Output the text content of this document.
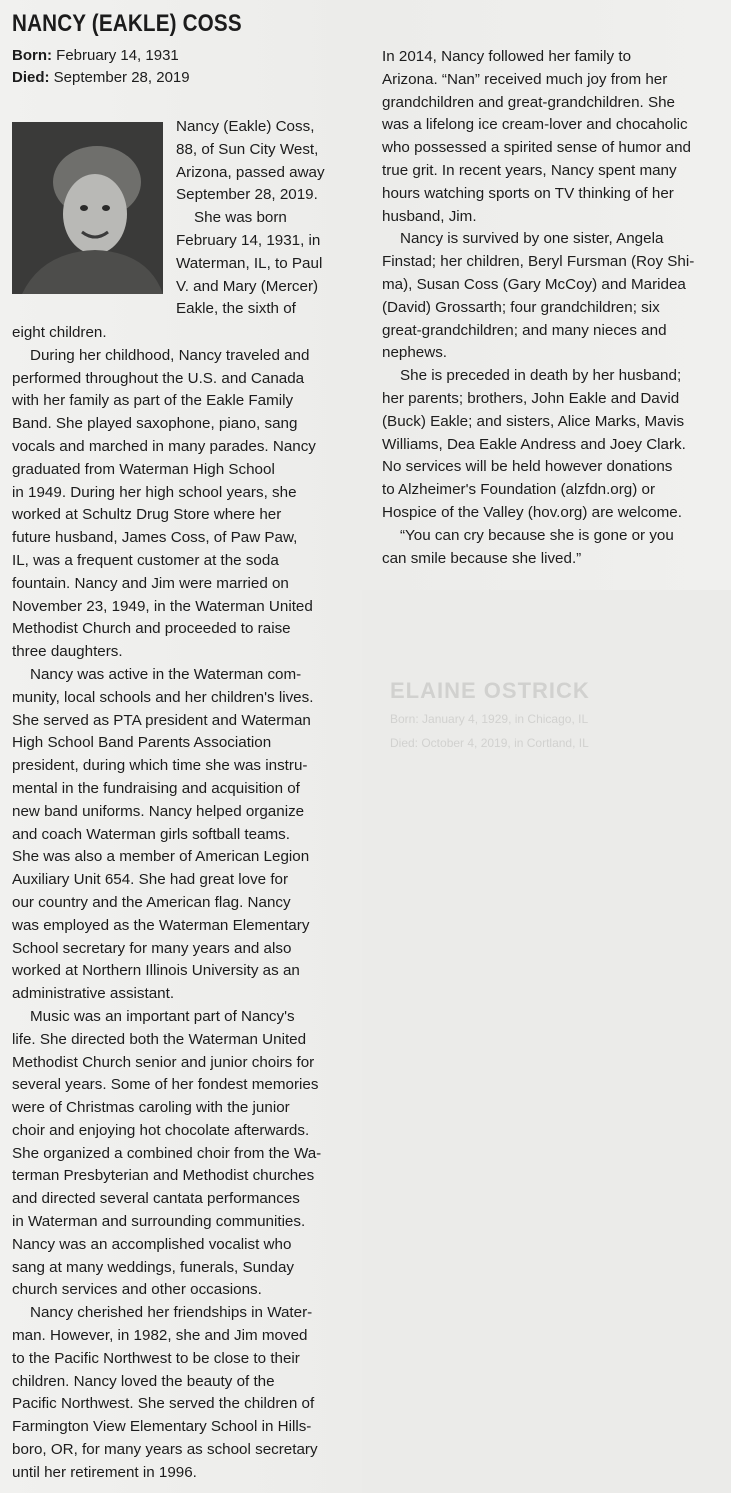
ELAINE OSTRICK
Born: January 4, 1929, in Chicago, IL
Died: October 4, 2019, in Cortland, IL
NANCY (EAKLE) COSS
Born: February 14, 1931
Died: September 28, 2019

Nancy (Eakle) Coss,

88, of Sun City West,

Arizona, passed away

September 28, 2019.

She was born

February 14, 1931, in

Waterman, IL, to Paul

V. and Mary (Mercer)

Eakle, the sixth of

eight children.

During her childhood, Nancy traveled and

performed throughout the U.S. and Canada

with her family as part of the Eakle Family

Band. She played saxophone, piano, sang

vocals and marched in many parades. Nancy

graduated from Waterman High School

in 1949. During her high school years, she

worked at Schultz Drug Store where her

future husband, James Coss, of Paw Paw,

IL, was a frequent customer at the soda

fountain. Nancy and Jim were married on

November 23, 1949, in the Waterman United

Methodist Church and proceeded to raise

three daughters.

Nancy was active in the Waterman com-

munity, local schools and her children's lives.

She served as PTA president and Waterman

High School Band Parents Association

president, during which time she was instru-

mental in the fundraising and acquisition of

new band uniforms. Nancy helped organize

and coach Waterman girls softball teams.

She was also a member of American Legion

Auxiliary Unit 654. She had great love for

our country and the American flag. Nancy

was employed as the Waterman Elementary

School secretary for many years and also

worked at Northern Illinois University as an

administrative assistant.

Music was an important part of Nancy's

life. She directed both the Waterman United

Methodist Church senior and junior choirs for

several years. Some of her fondest memories

were of Christmas caroling with the junior

choir and enjoying hot chocolate afterwards.

She organized a combined choir from the Wa-

terman Presbyterian and Methodist churches

and directed several cantata performances

in Waterman and surrounding communities.

Nancy was an accomplished vocalist who

sang at many weddings, funerals, Sunday

church services and other occasions.

Nancy cherished her friendships in Water-

man. However, in 1982, she and Jim moved

to the Pacific Northwest to be close to their

children. Nancy loved the beauty of the

Pacific Northwest. She served the children of

Farmington View Elementary School in Hills-

boro, OR, for many years as school secretary

until her retirement in 1996.

In 2014, Nancy followed her family to

Arizona. “Nan” received much joy from her

grandchildren and great-grandchildren. She

was a lifelong ice cream-lover and chocaholic

who possessed a spirited sense of humor and

true grit. In recent years, Nancy spent many

hours watching sports on TV thinking of her

husband, Jim.

Nancy is survived by one sister, Angela

Finstad; her children, Beryl Fursman (Roy Shi-

ma), Susan Coss (Gary McCoy) and Maridea

(David) Grossarth; four grandchildren; six

great-grandchildren; and many nieces and

nephews.

She is preceded in death by her husband;

her parents; brothers, John Eakle and David

(Buck) Eakle; and sisters, Alice Marks, Mavis

Williams, Dea Eakle Andress and Joey Clark.

No services will be held however donations

to Alzheimer's Foundation (alzfdn.org) or

Hospice of the Valley (hov.org) are welcome.

“You can cry because she is gone or you

can smile because she lived.”
